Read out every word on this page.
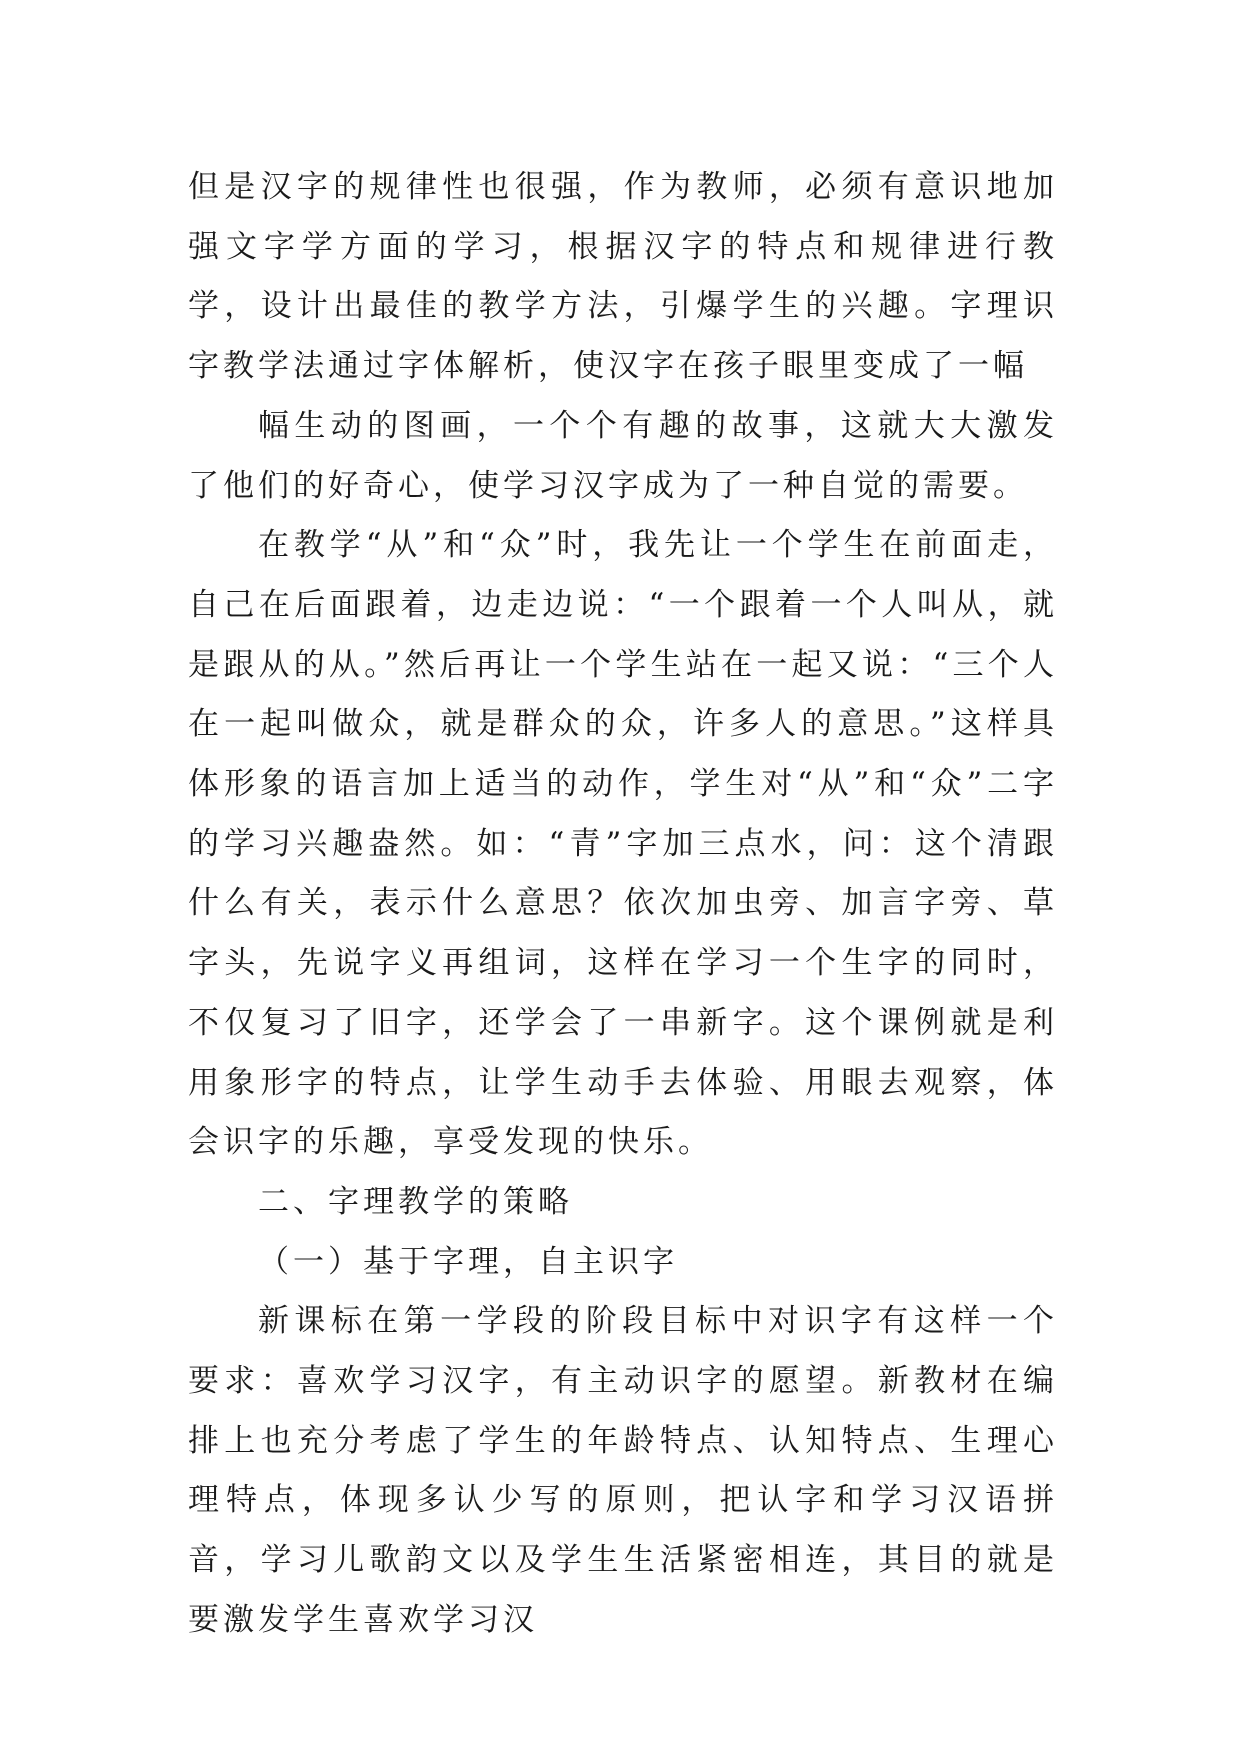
但是汉字的规律性也很强，作为教师，必须有意识地加强文字学方面的学习，根据汉字的特点和规律进行教学，设计出最佳的教学方法，引爆学生的兴趣。字理识字教学法通过字体解析，使汉字在孩子眼里变成了一幅

幅生动的图画，一个个有趣的故事，这就大大激发了他们的好奇心，使学习汉字成为了一种自觉的需要。

在教学“从”和“众”时，我先让一个学生在前面走，自己在后面跟着，边走边说：“一个跟着一个人叫从，就是跟从的从。”然后再让一个学生站在一起又说：“三个人在一起叫做众，就是群众的众，许多人的意思。”这样具体形象的语言加上适当的动作，学生对“从”和“众”二字的学习兴趣盎然。如：“青”字加三点水，问：这个清跟什么有关，表示什么意思？依次加虫旁、加言字旁、草字头，先说字义再组词，这样在学习一个生字的同时，不仅复习了旧字，还学会了一串新字。这个课例就是利用象形字的特点，让学生动手去体验、用眼去观察，体会识字的乐趣，享受发现的快乐。

二、字理教学的策略

（一）基于字理，自主识字

新课标在第一学段的阶段目标中对识字有这样一个要求：喜欢学习汉字，有主动识字的愿望。新教材在编排上也充分考虑了学生的年龄特点、认知特点、生理心理特点，体现多认少写的原则，把认字和学习汉语拼音，学习儿歌韵文以及学生生活紧密相连，其目的就是要激发学生喜欢学习汉
